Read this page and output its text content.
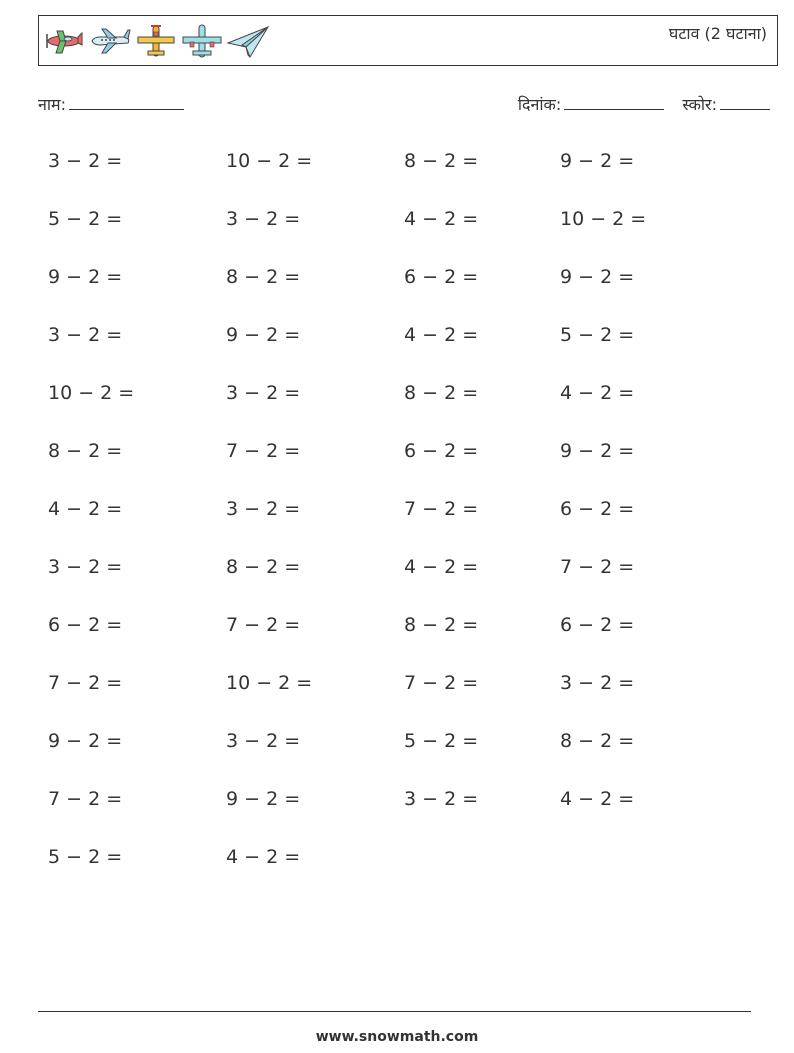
घटाव (2 घटाना)
नाम:	दिनांक:	स्कोर:
3 − 2 =	10 − 2 =	8 − 2 =	9 − 2 =
5 − 2 =	3 − 2 =	4 − 2 =	10 − 2 =
9 − 2 =	8 − 2 =	6 − 2 =	9 − 2 =
3 − 2 =	9 − 2 =	4 − 2 =	5 − 2 =
10 − 2 =	3 − 2 =	8 − 2 =	4 − 2 =
8 − 2 =	7 − 2 =	6 − 2 =	9 − 2 =
4 − 2 =	3 − 2 =	7 − 2 =	6 − 2 =
3 − 2 =	8 − 2 =	4 − 2 =	7 − 2 =
6 − 2 =	7 − 2 =	8 − 2 =	6 − 2 =
7 − 2 =	10 − 2 =	7 − 2 =	3 − 2 =
9 − 2 =	3 − 2 =	5 − 2 =	8 − 2 =
7 − 2 =	9 − 2 =	3 − 2 =	4 − 2 =
5 − 2 =	4 − 2 =
www.snowmath.com
